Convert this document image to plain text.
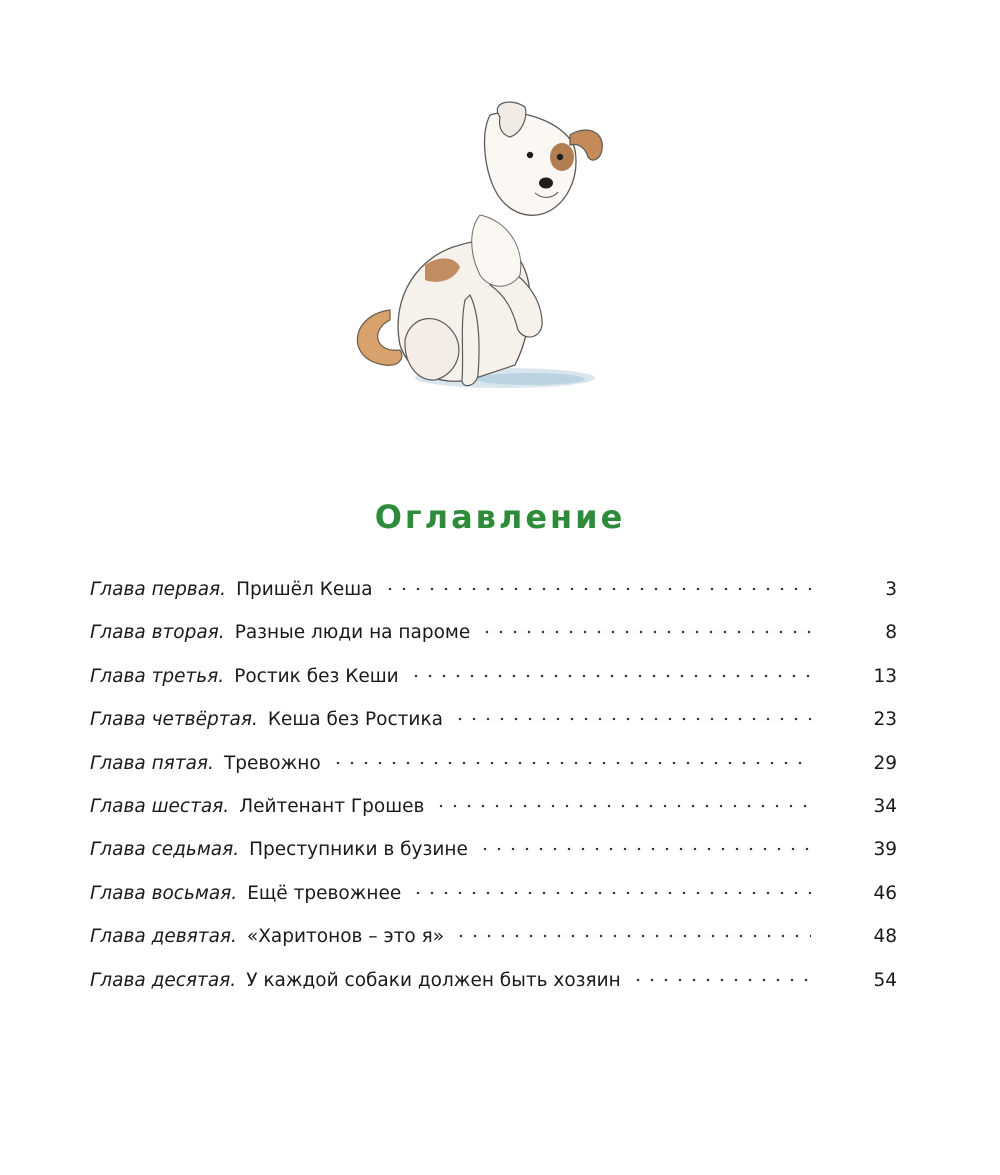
Оглавление
Глава первая. Пришёл Кеша	3
Глава вторая. Разные люди на пароме	8
Глава третья. Ростик без Кеши	13
Глава четвёртая. Кеша без Ростика	23
Глава пятая. Тревожно	29
Глава шестая. Лейтенант Грошев	34
Глава седьмая. Преступники в бузине	39
Глава восьмая. Ещё тревожнее	46
Глава девятая. «Харитонов – это я»	48
Глава десятая. У каждой собаки должен быть хозяин	54
